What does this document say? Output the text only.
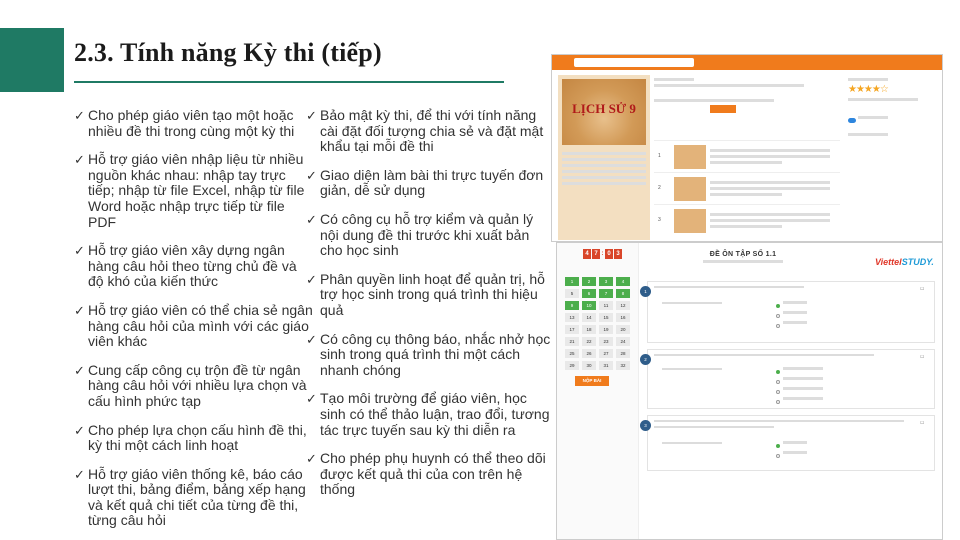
2.3. Tính năng Kỳ thi (tiếp)
✓ Cho phép giáo viên tạo một hoặc nhiều đề thi trong cùng một kỳ thi
✓ Hỗ trợ giáo viên nhập liệu từ nhiều nguồn khác nhau: nhập tay trực tiếp; nhập từ file Excel, nhập từ file Word hoặc nhập trực tiếp từ file PDF
✓ Hỗ trợ giáo viên xây dựng ngân hàng câu hỏi theo từng chủ đề và độ khó của kiến thức
✓ Hỗ trợ giáo viên có thể chia sẻ ngân hàng câu hỏi của mình với các giáo viên khác
✓ Cung cấp công cụ trộn đề từ ngân hàng câu hỏi với nhiều lựa chọn và cấu hình phức tạp
✓ Cho phép lựa chọn cấu hình đề thi, kỳ thi một cách linh hoạt
✓ Hỗ trợ giáo viên thống kê, báo cáo lượt thi, bảng điểm, bảng xếp hạng và kết quả chi tiết của từng đề thi, từng câu hỏi
✓ Bảo mật kỳ thi, để thi với tính năng cài đặt đối tượng chia sẻ và đặt mật khẩu tại mỗi đề thi
✓ Giao diện làm bài thi trực tuyến đơn giản, dễ sử dụng
✓ Có công cụ hỗ trợ kiểm và quản lý nội dung đề thi trước khi xuất bản cho học sinh
✓ Phân quyền linh hoạt để quản trị, hỗ trợ học sinh trong quá trình thi hiệu quả
✓ Có công cụ thông báo, nhắc nhở học sinh trong quá trình thi một cách nhanh chóng
✓ Tạo môi trường để giáo viên, học sinh có thể thảo luận, trao đổi, tương tác trực tuyến sau kỳ thi diễn ra
✓ Cho phép phụ huynh có thể theo dõi được kết quả thi của con trên hệ thống
LỊCH SỬ 9
1
2
3
★★★★☆
4 7 : 0 3
1	2	3	4
5	6	7	8
9	10	11	12
13	14	15	16
17	18	19	20
21	22	23	24
25	26	27	28
29	30	31	32
NỘP BÀI
ĐỀ ÔN TẬP SỐ 1.1
ViettelSTUDY.
1
☐
2
☐
3
☐
